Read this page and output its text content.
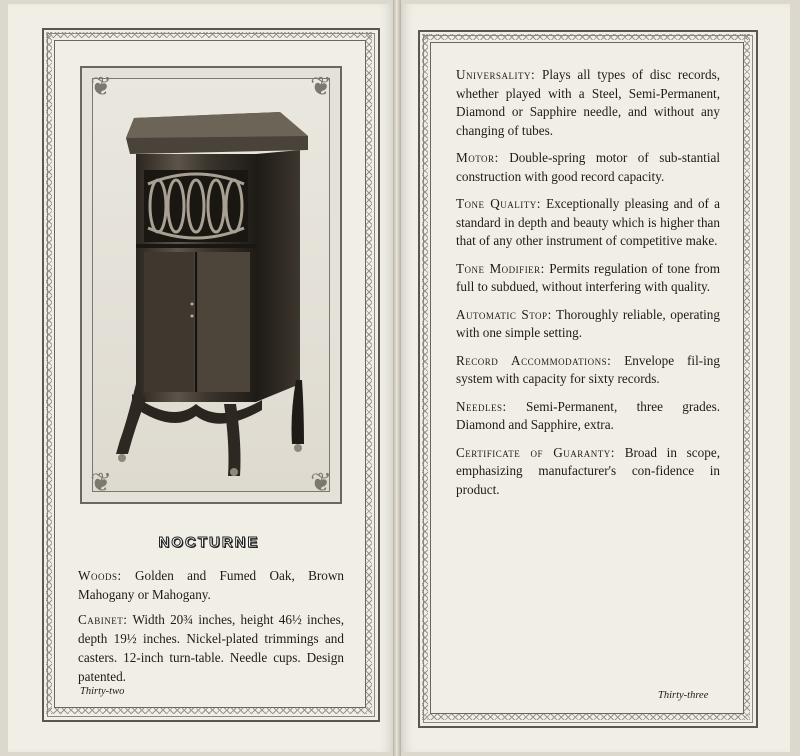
❦	❦
❦	❦
NOCTURNE
Woods: Golden and Fumed Oak, Brown Mahogany or Mahogany.
Cabinet: Width 20¾ inches, height 46½ inches, depth 19½ inches. Nickel-plated trimmings and casters. 12-inch turn-table. Needle cups. Design patented.
Thirty-two

Universality: Plays all types of disc records, whether played with a Steel, Semi-Permanent, Diamond or Sapphire needle, and without any changing of tubes.

Motor: Double-spring motor of sub-stantial construction with good record capacity.

Tone Quality: Exceptionally pleasing and of a standard in depth and beauty which is higher than that of any other instrument of competitive make.

Tone Modifier: Permits regulation of tone from full to subdued, without interfering with quality.

Automatic Stop: Thoroughly reliable, operating with one simple setting.

Record Accommodations: Envelope fil-ing system with capacity for sixty records.

Needles: Semi-Permanent, three grades. Diamond and Sapphire, extra.

Certificate of Guaranty: Broad in scope, emphasizing manufacturer's con-fidence in product.

Thirty-three
